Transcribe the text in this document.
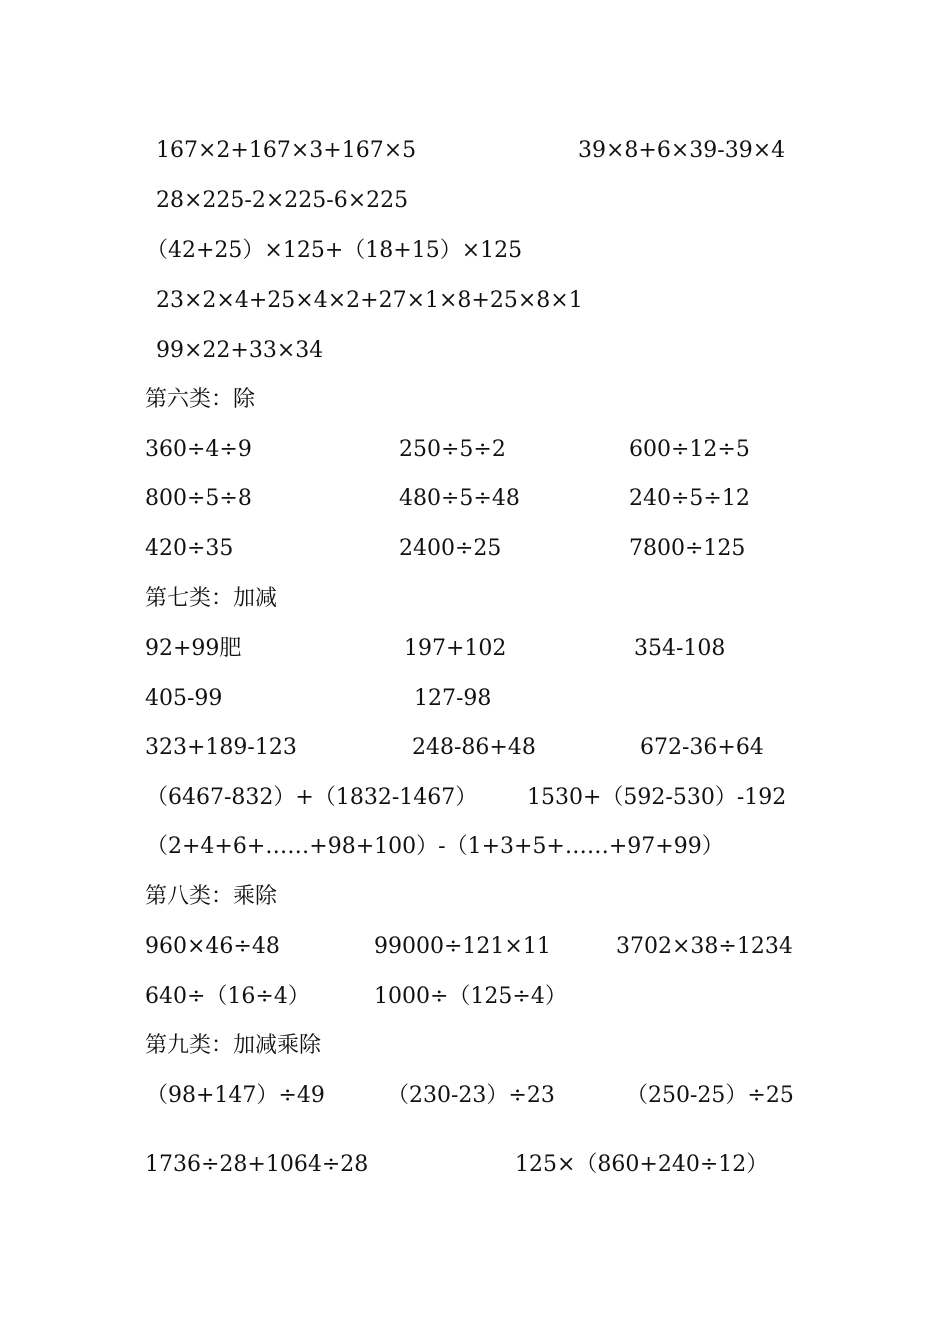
167×2+167×3+167×5	39×8+6×39-39×4
28×225-2×225-6×225
（42+25）×125+（18+15）×125
23×2×4+25×4×2+27×1×8+25×8×1
99×22+33×34
第六类：除
360÷4÷9	250÷5÷2	600÷12÷5
800÷5÷8	480÷5÷48	240÷5÷12
420÷35	2400÷25	7800÷125
第七类：加减
92+99肥	197+102	354-108
405-99	127-98
323+189-123	248-86+48	672-36+64
（6467-832）+（1832-1467） 1530+（592-530）-192
（2+4+6+……+98+100）-（1+3+5+……+97+99）
第八类：乘除
960×46÷48	99000÷121×11	3702×38÷1234
640÷（16÷4）	1000÷（125÷4）
第九类：加减乘除
（98+147）÷49	（230-23）÷23	（250-25）÷25
1736÷28+1064÷28	125×（860+240÷12）
